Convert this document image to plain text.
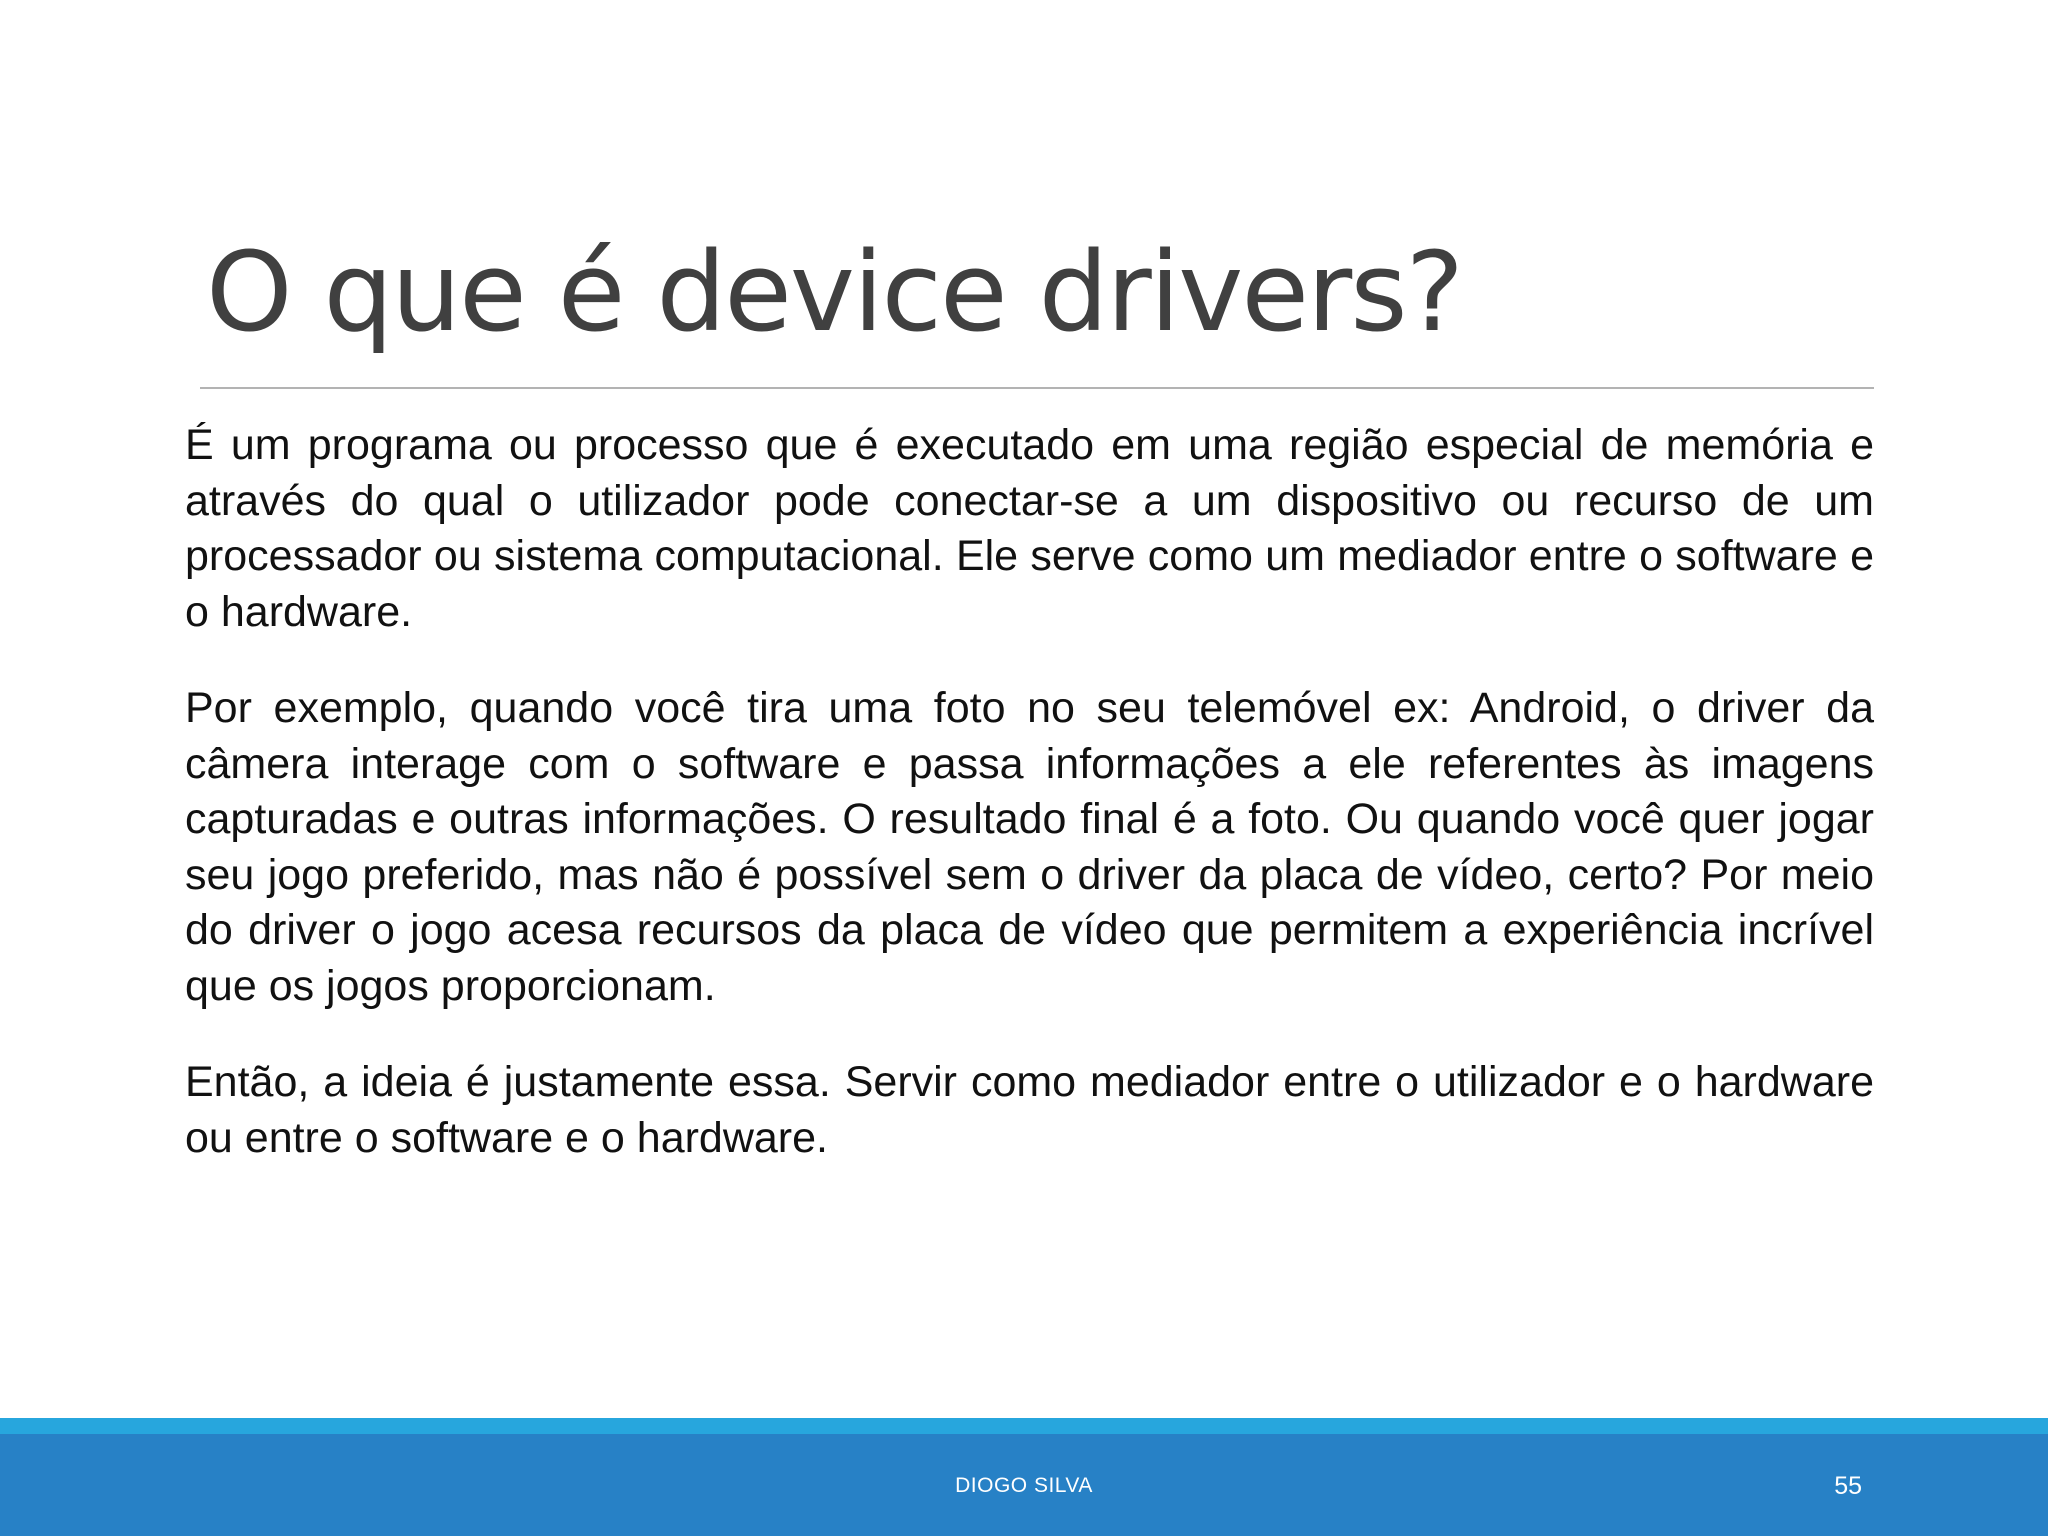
O que é device drivers?

É um programa ou processo que é executado em uma região especial de memória e através do qual o utilizador pode conectar-se a um dispositivo ou recurso de um processador ou sistema computacional. Ele serve como um mediador entre o software e o hardware.

Por exemplo, quando você tira uma foto no seu telemóvel ex: Android, o driver da câmera interage com o software e passa informações a ele referentes às imagens capturadas e outras informações. O resultado final é a foto. Ou quando você quer jogar seu jogo preferido, mas não é possível sem o driver da placa de vídeo, certo? Por meio do driver o jogo acesa recursos da placa de vídeo que permitem a experiência incrível que os jogos proporcionam.

Então, a ideia é justamente essa. Servir como mediador entre o utilizador e o hardware ou entre o software e o hardware.

DIOGO SILVA	55
